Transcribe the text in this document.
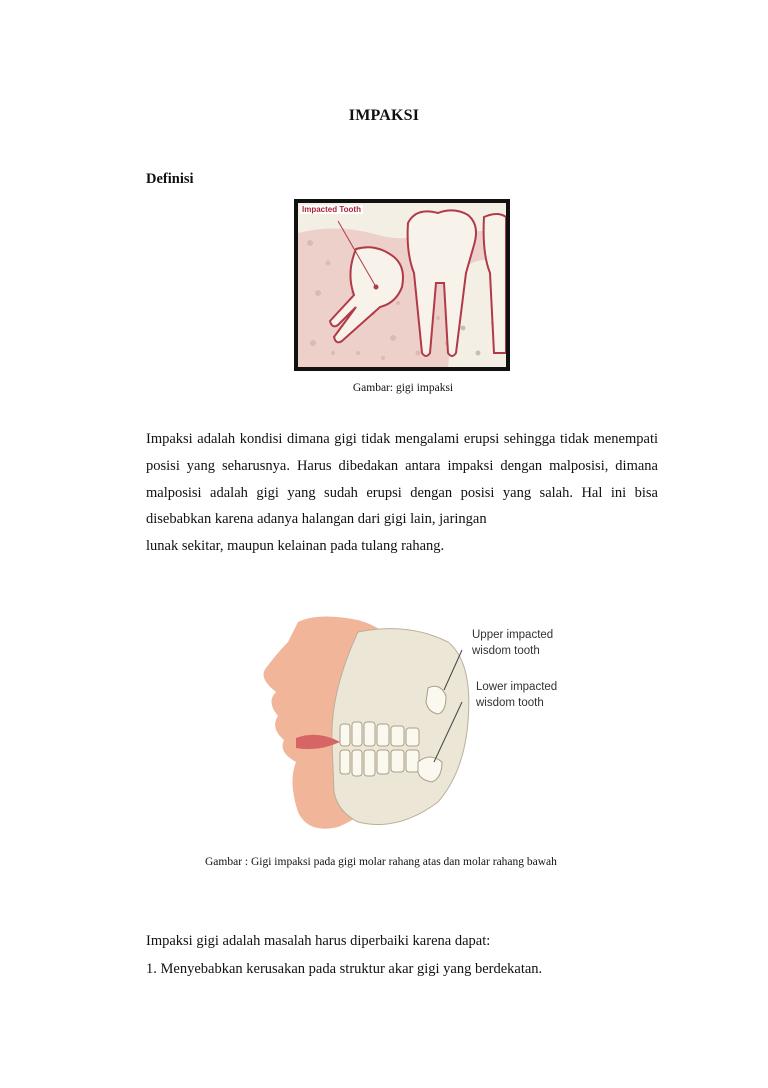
IMPAKSI
Definisi
Impacted Tooth
Gambar: gigi impaksi
Impaksi adalah kondisi dimana gigi tidak mengalami erupsi sehingga tidak menempati posisi yang seharusnya. Harus dibedakan antara impaksi dengan malposisi, dimana malposisi adalah gigi yang sudah erupsi dengan posisi yang salah. Hal ini bisa disebabkan karena adanya halangan dari gigi lain, jaringan
lunak sekitar, maupun kelainan pada tulang rahang.
Upper impacted
wisdom tooth
Lower impacted
wisdom tooth
Gambar : Gigi impaksi pada gigi molar rahang atas dan molar rahang bawah
Impaksi gigi adalah masalah harus diperbaiki karena dapat:
1. Menyebabkan kerusakan pada struktur akar gigi yang berdekatan.
